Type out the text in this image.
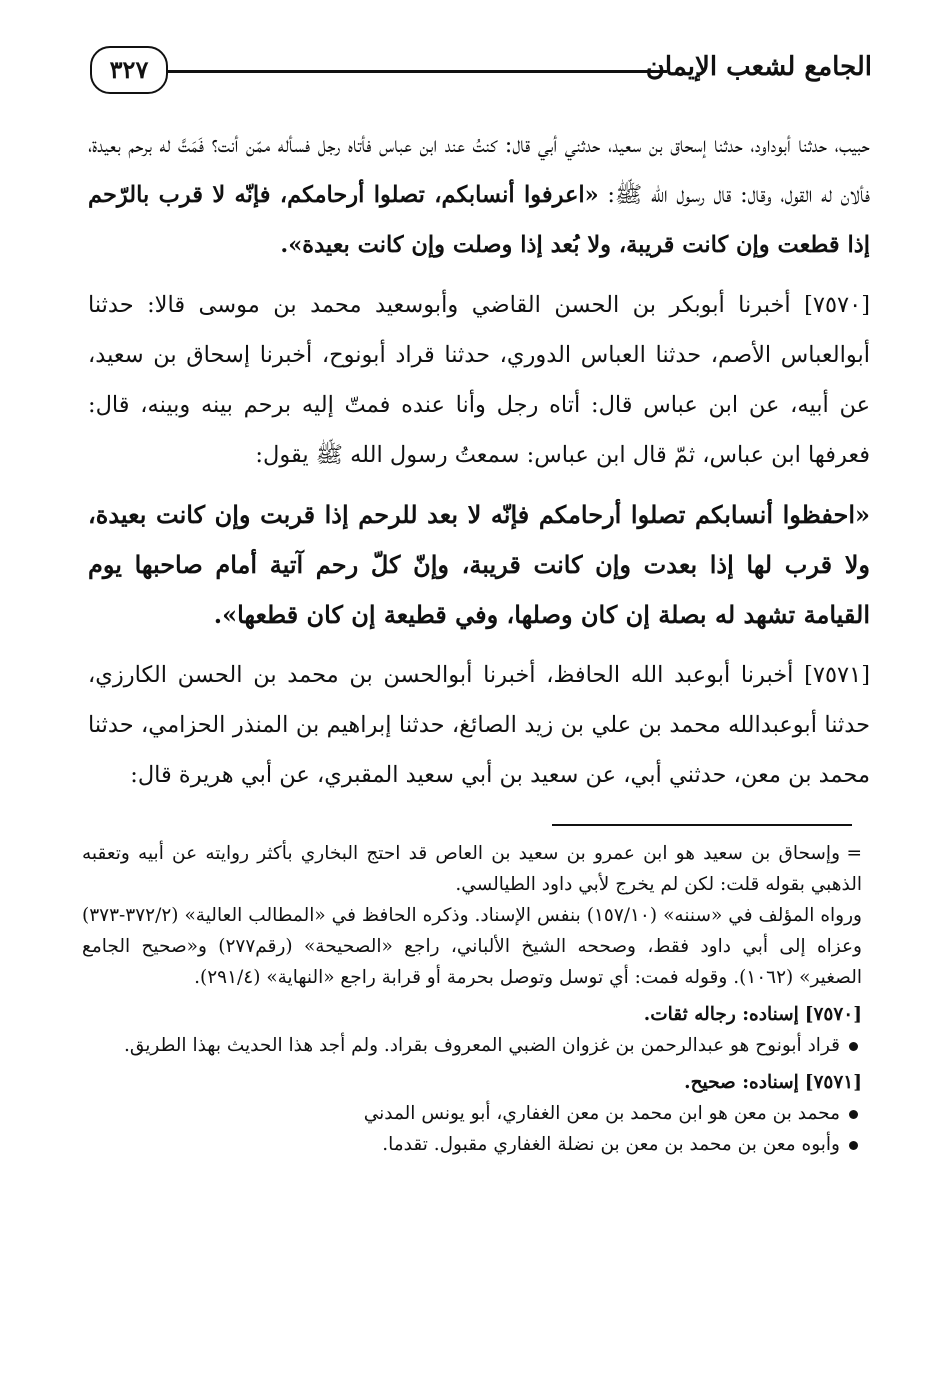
الجامع لشعب الإيمان
٣٢٧

حبيب، حدثنا أبوداود، حدثنا إسحاق بن سعيد، حدثني أبي قال: كنتُ عند ابن عباس فأتاه رجل فسأله ممّن أنت؟ فَمَتَّ له برحم بعيدة، فألان له القول، وقال: قال رسول الله ﷺ: «اعرفوا أنسابكم، تصلوا أرحامكم، فإنّه لا قرب بالرّحم إذا قطعت وإن كانت قريبة، ولا بُعد إذا وصلت وإن كانت بعيدة».

[٧٥٧٠] أخبرنا أبوبكر بن الحسن القاضي وأبوسعيد محمد بن موسى قالا: حدثنا أبوالعباس الأصم، حدثنا العباس الدوري، حدثنا قراد أبونوح، أخبرنا إسحاق بن سعيد، عن أبيه، عن ابن عباس قال: أتاه رجل وأنا عنده فمتّ إليه برحم بينه وبينه، قال: فعرفها ابن عباس، ثمّ قال ابن عباس: سمعتُ رسول الله ﷺ يقول:

«احفظوا أنسابكم تصلوا أرحامكم فإنّه لا بعد للرحم إذا قربت وإن كانت بعيدة، ولا قرب لها إذا بعدت وإن كانت قريبة، وإنّ كلّ رحم آتية أمام صاحبها يوم القيامة تشهد له بصلة إن كان وصلها، وفي قطيعة إن كان قطعها».

[٧٥٧١] أخبرنا أبوعبد الله الحافظ، أخبرنا أبوالحسن بن محمد بن الحسن الكارزي، حدثنا أبوعبدالله محمد بن علي بن زيد الصائغ، حدثنا إبراهيم بن المنذر الحزامي، حدثنا محمد بن معن، حدثني أبي، عن سعيد بن أبي سعيد المقبري، عن أبي هريرة قال:

=وإسحاق بن سعيد هو ابن عمرو بن سعيد بن العاص قد احتج البخاري بأكثر روايته عن أبيه وتعقبه الذهبي بقوله قلت: لكن لم يخرج لأبي داود الطيالسي.

ورواه المؤلف في «سننه» (١٥٧/١٠) بنفس الإسناد. وذكره الحافظ في «المطالب العالية» (٣٧٢/٢-٣٧٣) وعزاه إلى أبي داود فقط، وصححه الشيخ الألباني، راجع «الصحيحة» (رقم٢٧٧) و«صحيح الجامع الصغير» (١٠٦٢). وقوله فمت: أي توسل وتوصل بحرمة أو قرابة راجع «النهاية» (٢٩١/٤).

[٧٥٧٠] إسناده: رجاله ثقات.

قراد أبونوح هو عبدالرحمن بن غزوان الضبي المعروف بقراد. ولم أجد هذا الحديث بهذا الطريق.

[٧٥٧١] إسناده: صحيح.

محمد بن معن هو ابن محمد بن معن الغفاري، أبو يونس المدني
وأبوه معن بن محمد بن معن بن نضلة الغفاري مقبول. تقدما.
